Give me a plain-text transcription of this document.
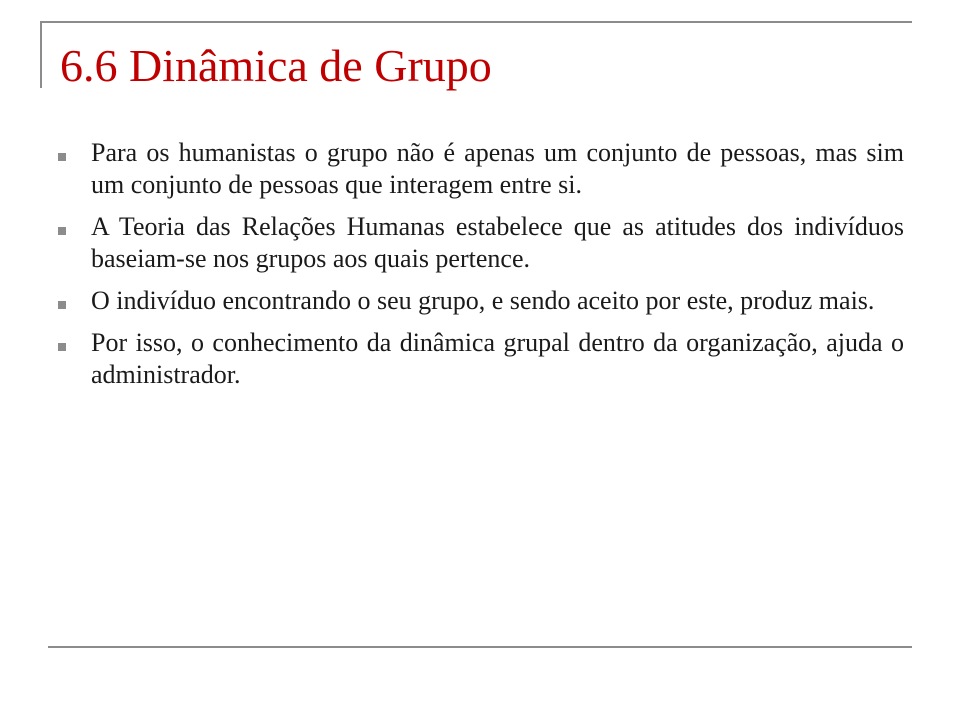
6.6 Dinâmica de Grupo
Para os humanistas o grupo não é apenas um conjunto de pessoas, mas sim um conjunto de pessoas que interagem entre si.
A Teoria das Relações Humanas estabelece que as atitudes dos indivíduos baseiam-se nos grupos aos quais pertence.
O indivíduo encontrando o seu grupo, e sendo aceito por este, produz mais.
Por isso, o conhecimento da dinâmica grupal dentro da organização, ajuda o administrador.
